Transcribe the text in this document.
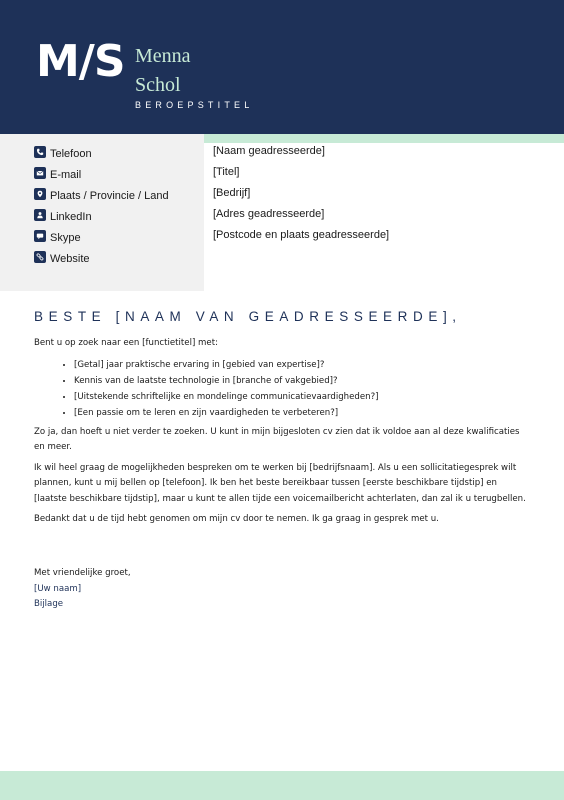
M/S Menna
Schol
BEROEPSTITEL
Telefoon
E-mail
Plaats / Provincie / Land
LinkedIn
Skype
Website
[Naam geadresseerde]
[Titel]
[Bedrijf]
[Adres geadresseerde]
[Postcode en plaats geadresseerde]
BESTE [NAAM VAN GEADRESSEERDE],

Bent u op zoek naar een [functietitel] met:

• [Getal] jaar praktische ervaring in [gebied van expertise]?
• Kennis van de laatste technologie in [branche of vakgebied]?
• [Uitstekende schriftelijke en mondelinge communicatievaardigheden?]
• [Een passie om te leren en zijn vaardigheden te verbeteren?]

Zo ja, dan hoeft u niet verder te zoeken. U kunt in mijn bijgesloten cv zien dat ik voldoe aan al deze kwalificaties en meer.

Ik wil heel graag de mogelijkheden bespreken om te werken bij [bedrijfsnaam]. Als u een sollicitatiegesprek wilt plannen, kunt u mij bellen op [telefoon]. Ik ben het beste bereikbaar tussen [eerste beschikbare tijdstip] en [laatste beschikbare tijdstip], maar u kunt te allen tijde een voicemailbericht achterlaten, dan zal ik u terugbellen.

Bedankt dat u de tijd hebt genomen om mijn cv door te nemen. Ik ga graag in gesprek met u.

Met vriendelijke groet,
[Uw naam]
Bijlage
